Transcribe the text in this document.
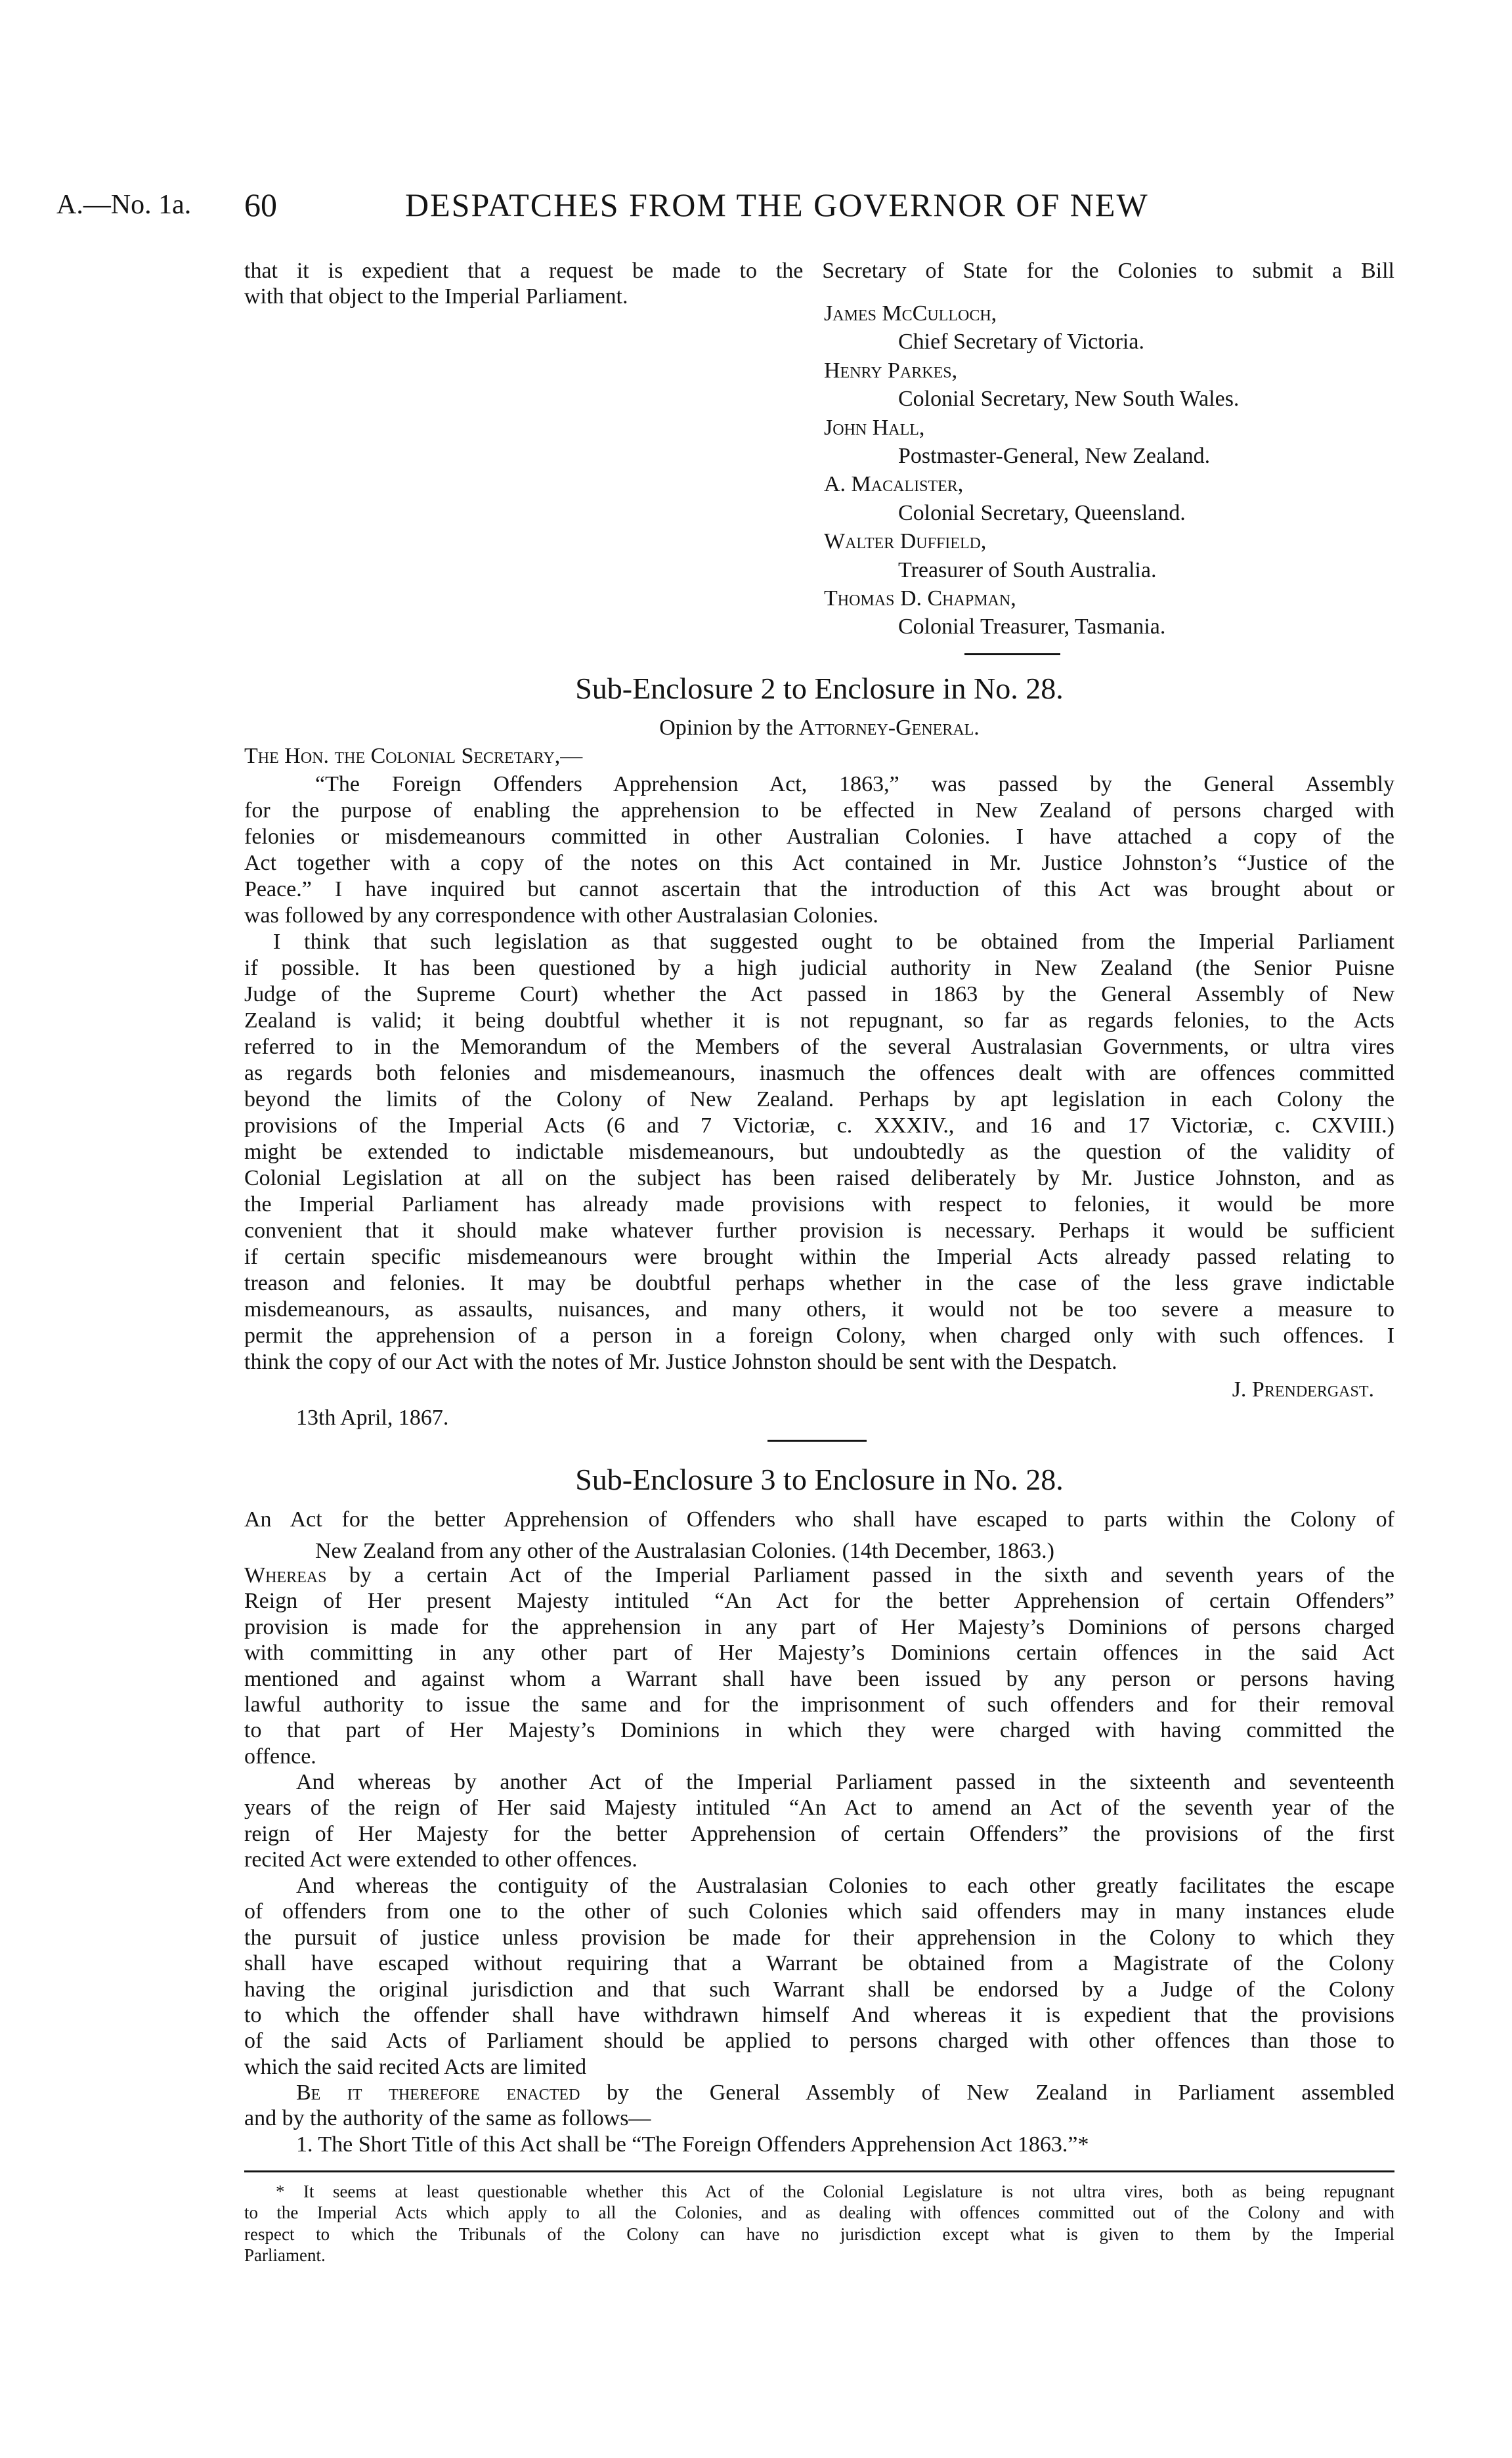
A.—No. 1a. 60	DESPATCHES FROM THE GOVERNOR OF NEW
that it is expedient that a request be made to the Secretary of State for the Colonies to submit a Bill
with that object to the Imperial Parliament.
James McCulloch,
Chief Secretary of Victoria.
Henry Parkes,
Colonial Secretary, New South Wales.
John Hall,
Postmaster-General, New Zealand.
A. Macalister,
Colonial Secretary, Queensland.
Walter Duffield,
Treasurer of South Australia.
Thomas D. Chapman,
Colonial Treasurer, Tasmania.
Sub-Enclosure 2 to Enclosure in No. 28.
Opinion by the Attorney-General.
The Hon. the Colonial Secretary,—
“The Foreign Offenders Apprehension Act, 1863,” was passed by the General Assembly
for the purpose of enabling the apprehension to be effected in New Zealand of persons charged with
felonies or misdemeanours committed in other Australian Colonies. I have attached a copy of the
Act together with a copy of the notes on this Act contained in Mr. Justice Johnston’s “Justice of the
Peace.” I have inquired but cannot ascertain that the introduction of this Act was brought about or
was followed by any correspondence with other Australasian Colonies.
I think that such legislation as that suggested ought to be obtained from the Imperial Parliament
if possible. It has been questioned by a high judicial authority in New Zealand (the Senior Puisne
Judge of the Supreme Court) whether the Act passed in 1863 by the General Assembly of New
Zealand is valid; it being doubtful whether it is not repugnant, so far as regards felonies, to the Acts
referred to in the Memorandum of the Members of the several Australasian Governments, or ultra vires
as regards both felonies and misdemeanours, inasmuch the offences dealt with are offences committed
beyond the limits of the Colony of New Zealand. Perhaps by apt legislation in each Colony the
provisions of the Imperial Acts (6 and 7 Victoriæ, c. XXXIV., and 16 and 17 Victoriæ, c. CXVIII.)
might be extended to indictable misdemeanours, but undoubtedly as the question of the validity of
Colonial Legislation at all on the subject has been raised deliberately by Mr. Justice Johnston, and as
the Imperial Parliament has already made provisions with respect to felonies, it would be more
convenient that it should make whatever further provision is necessary. Perhaps it would be sufficient
if certain specific misdemeanours were brought within the Imperial Acts already passed relating to
treason and felonies. It may be doubtful perhaps whether in the case of the less grave indictable
misdemeanours, as assaults, nuisances, and many others, it would not be too severe a measure to
permit the apprehension of a person in a foreign Colony, when charged only with such offences. I
think the copy of our Act with the notes of Mr. Justice Johnston should be sent with the Despatch.
J. Prendergast.
13th April, 1867.
Sub-Enclosure 3 to Enclosure in No. 28.
An Act for the better Apprehension of Offenders who shall have escaped to parts within the Colony of
New Zealand from any other of the Australasian Colonies. (14th December, 1863.)
Whereas by a certain Act of the Imperial Parliament passed in the sixth and seventh years of the
Reign of Her present Majesty intituled “An Act for the better Apprehension of certain Offenders”
provision is made for the apprehension in any part of Her Majesty’s Dominions of persons charged
with committing in any other part of Her Majesty’s Dominions certain offences in the said Act
mentioned and against whom a Warrant shall have been issued by any person or persons having
lawful authority to issue the same and for the imprisonment of such offenders and for their removal
to that part of Her Majesty’s Dominions in which they were charged with having committed the
offence.
And whereas by another Act of the Imperial Parliament passed in the sixteenth and seventeenth
years of the reign of Her said Majesty intituled “An Act to amend an Act of the seventh year of the
reign of Her Majesty for the better Apprehension of certain Offenders” the provisions of the first
recited Act were extended to other offences.
And whereas the contiguity of the Australasian Colonies to each other greatly facilitates the escape
of offenders from one to the other of such Colonies which said offenders may in many instances elude
the pursuit of justice unless provision be made for their apprehension in the Colony to which they
shall have escaped without requiring that a Warrant be obtained from a Magistrate of the Colony
having the original jurisdiction and that such Warrant shall be endorsed by a Judge of the Colony
to which the offender shall have withdrawn himself And whereas it is expedient that the provisions
of the said Acts of Parliament should be applied to persons charged with other offences than those to
which the said recited Acts are limited
Be it therefore enacted by the General Assembly of New Zealand in Parliament assembled
and by the authority of the same as follows—
1. The Short Title of this Act shall be “The Foreign Offenders Apprehension Act 1863.”*
* It seems at least questionable whether this Act of the Colonial Legislature is not ultra vires, both as being repugnant
to the Imperial Acts which apply to all the Colonies, and as dealing with offences committed out of the Colony and with
respect to which the Tribunals of the Colony can have no jurisdiction except what is given to them by the Imperial
Parliament.
